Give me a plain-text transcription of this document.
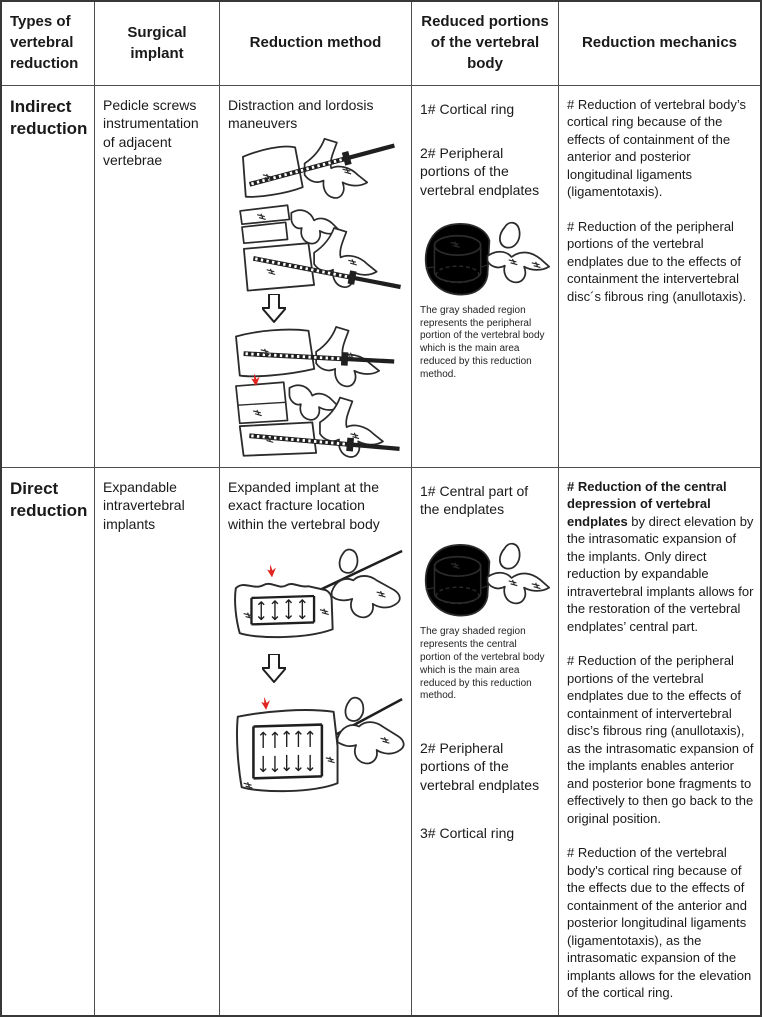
Types of vertebral reduction
Surgical implant
Reduction method
Reduced portions of the vertebral body
Reduction mechanics
Indirect reduction
Pedicle screws instrumentation of adjacent vertebrae
Distraction and lordosis maneuvers
1# Cortical ring
2# Peripheral portions of the vertebral endplates
The gray shaded region represents the peripheral portion of the vertebral body which is the main area reduced by this reduction method.

# Reduction of vertebral body’s cortical ring because of the effects of containment of the anterior and posterior longitudinal ligaments (ligamentotaxis).

# Reduction of the peripheral portions of the vertebral endplates due to the effects of containment the intervertebral disc´s fibrous ring (anullotaxis).

Direct reduction
Expandable intravertebral implants
Expanded implant at the exact fracture location within the vertebral body
1# Central part of the endplates
The gray shaded region represents the central portion of the vertebral body which is the main area reduced by this reduction method.
2# Peripheral portions of the vertebral endplates
3# Cortical ring

# Reduction of the central depression of vertebral endplates by direct elevation by the intrasomatic expansion of the implants. Only direct reduction by expandable intravertebral implants allows for the restoration of the vertebral endplates’ central part.

# Reduction of the peripheral portions of the vertebral endplates due to the effects of containment of intervertebral disc’s fibrous ring (anullotaxis), as the intrasomatic expansion of the implants enables anterior and posterior bone fragments to effectively to then go back to the original position.

# Reduction of the vertebral body's cortical ring because of the effects due to the effects of containment of the anterior and posterior longitudinal ligaments (ligamentotaxis), as the intrasomatic expansion of the implants allows for the elevation of the cortical ring.
